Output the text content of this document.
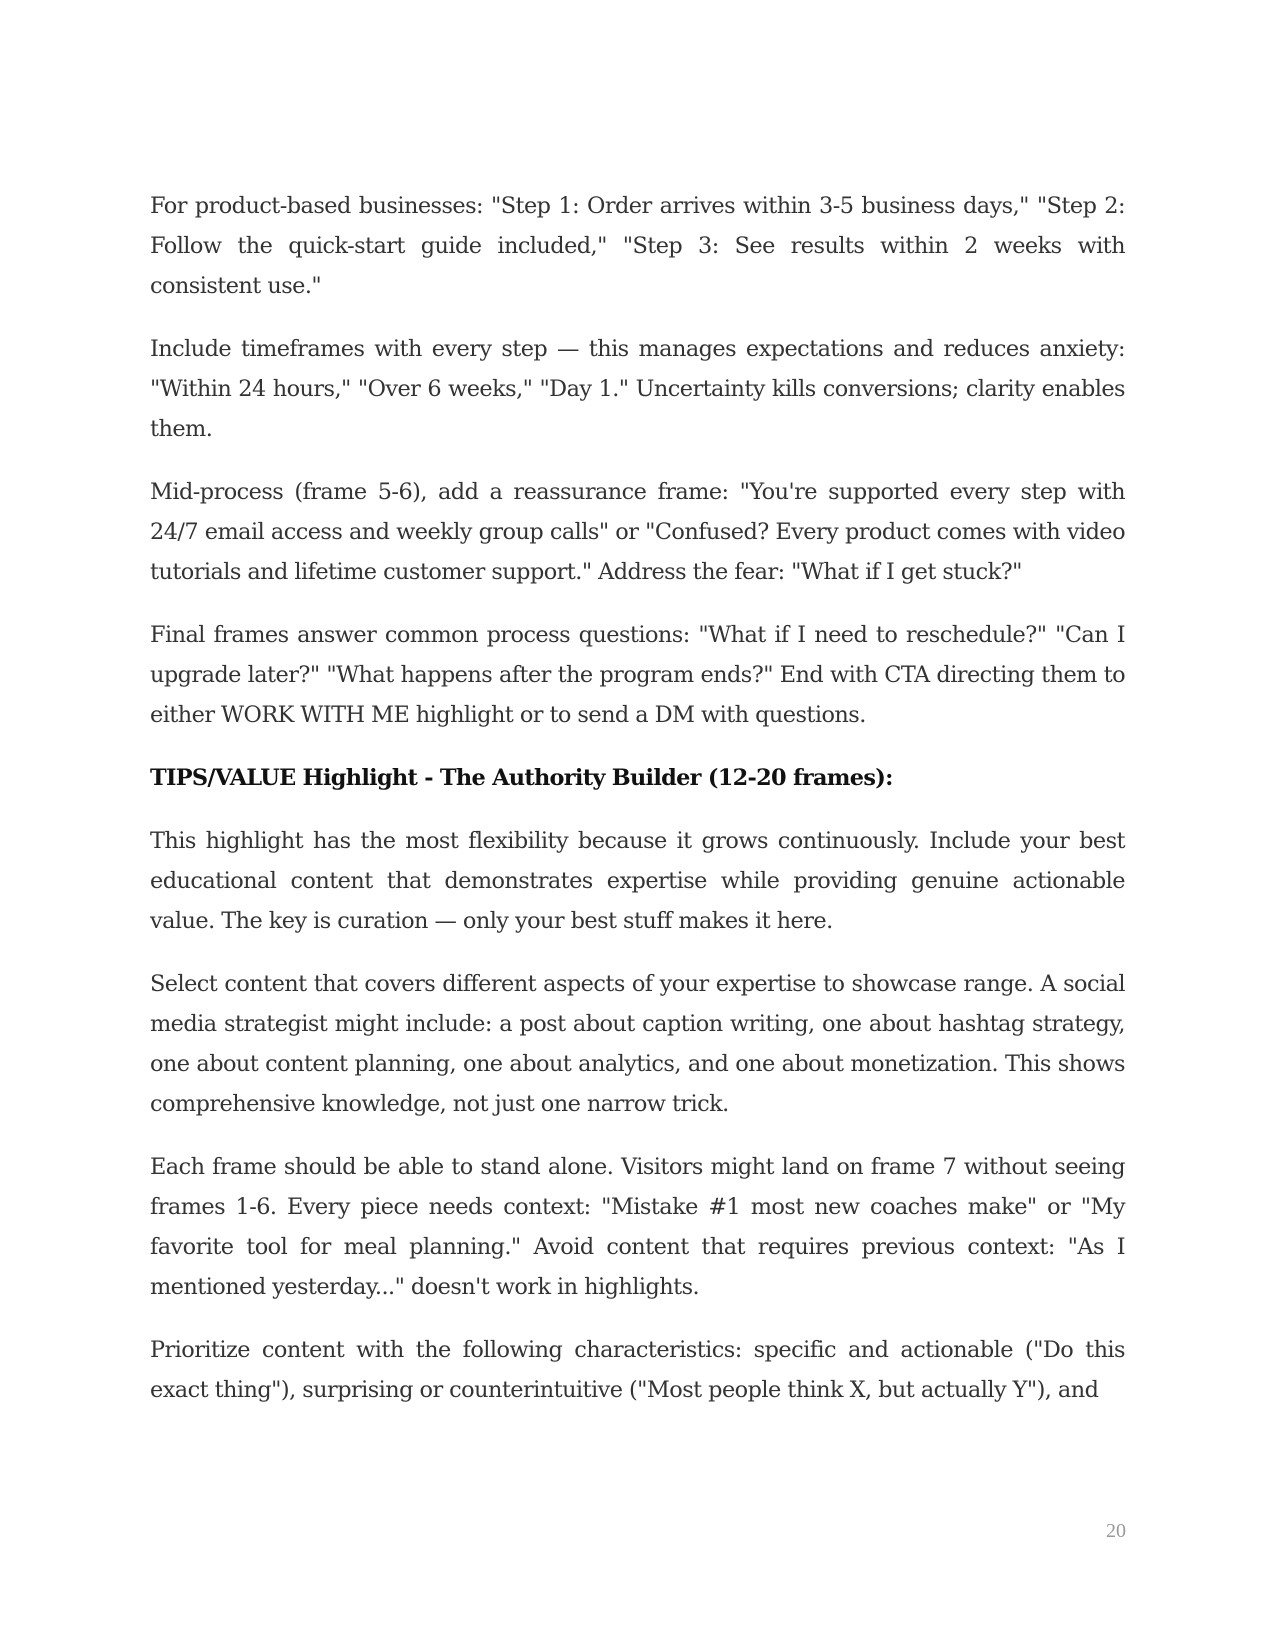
For product-based businesses: "Step 1: Order arrives within 3-5 business days," "Step 2: Follow the quick-start guide included," "Step 3: See results within 2 weeks with consistent use."

Include timeframes with every step — this manages expectations and reduces anxiety: "Within 24 hours," "Over 6 weeks," "Day 1." Uncertainty kills conversions; clarity enables them.

Mid-process (frame 5-6), add a reassurance frame: "You're supported every step with 24/7 email access and weekly group calls" or "Confused? Every product comes with video tutorials and lifetime customer support." Address the fear: "What if I get stuck?"

Final frames answer common process questions: "What if I need to reschedule?" "Can I upgrade later?" "What happens after the program ends?" End with CTA directing them to either WORK WITH ME highlight or to send a DM with questions.

TIPS/VALUE Highlight - The Authority Builder (12-20 frames):

This highlight has the most flexibility because it grows continuously. Include your best educational content that demonstrates expertise while providing genuine actionable value. The key is curation — only your best stuff makes it here.

Select content that covers different aspects of your expertise to showcase range. A social media strategist might include: a post about caption writing, one about hashtag strategy, one about content planning, one about analytics, and one about monetization. This shows comprehensive knowledge, not just one narrow trick.

Each frame should be able to stand alone. Visitors might land on frame 7 without seeing frames 1-6. Every piece needs context: "Mistake #1 most new coaches make" or "My favorite tool for meal planning." Avoid content that requires previous context: "As I mentioned yesterday..." doesn't work in highlights.

Prioritize content with the following characteristics: specific and actionable ("Do this exact thing"), surprising or counterintuitive ("Most people think X, but actually Y"), and

20
